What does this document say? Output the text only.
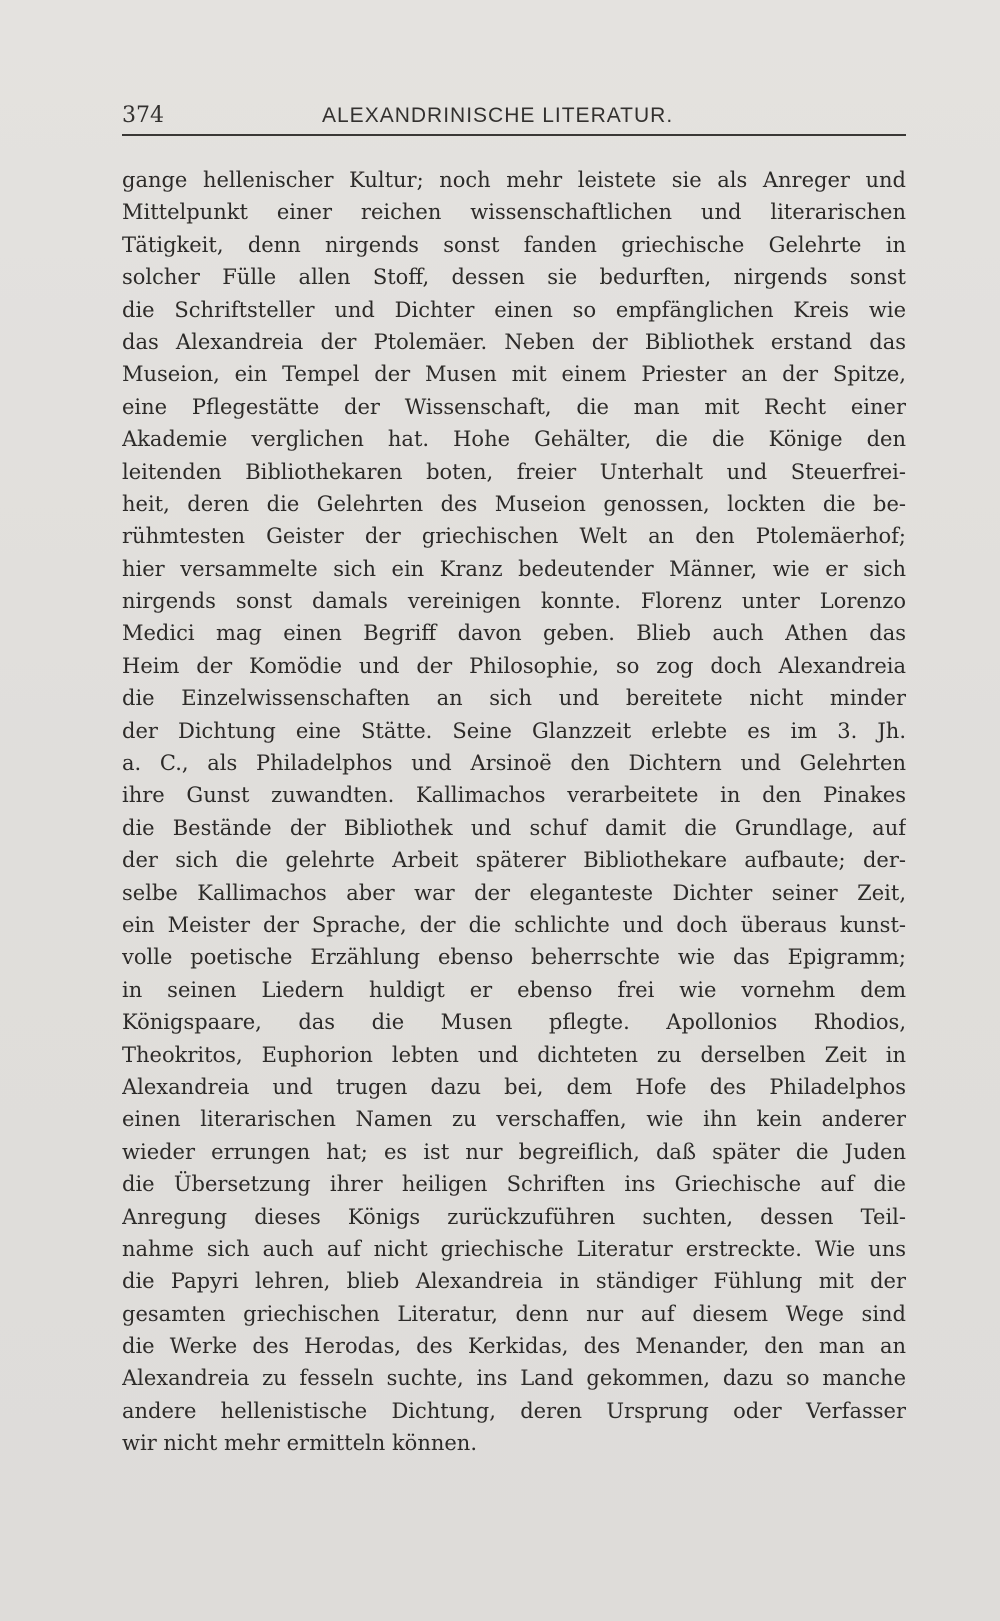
374	ALEXANDRINISCHE LITERATUR.
gange hellenischer Kultur; noch mehr leistete sie als Anreger und
Mittelpunkt einer reichen wissenschaftlichen und literarischen
Tätigkeit, denn nirgends sonst fanden griechische Gelehrte in
solcher Fülle allen Stoff, dessen sie bedurften, nirgends sonst
die Schriftsteller und Dichter einen so empfänglichen Kreis wie
das Alexandreia der Ptolemäer. Neben der Bibliothek erstand das
Museion, ein Tempel der Musen mit einem Priester an der Spitze,
eine Pflegestätte der Wissenschaft, die man mit Recht einer
Akademie verglichen hat. Hohe Gehälter, die die Könige den
leitenden Bibliothekaren boten, freier Unterhalt und Steuerfrei-
heit, deren die Gelehrten des Museion genossen, lockten die be-
rühmtesten Geister der griechischen Welt an den Ptolemäerhof;
hier versammelte sich ein Kranz bedeutender Männer, wie er sich
nirgends sonst damals vereinigen konnte. Florenz unter Lorenzo
Medici mag einen Begriff davon geben. Blieb auch Athen das
Heim der Komödie und der Philosophie, so zog doch Alexandreia
die Einzelwissenschaften an sich und bereitete nicht minder
der Dichtung eine Stätte. Seine Glanzzeit erlebte es im 3. Jh.
a. C., als Philadelphos und Arsinoë den Dichtern und Gelehrten
ihre Gunst zuwandten. Kallimachos verarbeitete in den Pinakes
die Bestände der Bibliothek und schuf damit die Grundlage, auf
der sich die gelehrte Arbeit späterer Bibliothekare aufbaute; der-
selbe Kallimachos aber war der eleganteste Dichter seiner Zeit,
ein Meister der Sprache, der die schlichte und doch überaus kunst-
volle poetische Erzählung ebenso beherrschte wie das Epigramm;
in seinen Liedern huldigt er ebenso frei wie vornehm dem
Königspaare, das die Musen pflegte. Apollonios Rhodios,
Theokritos, Euphorion lebten und dichteten zu derselben Zeit in
Alexandreia und trugen dazu bei, dem Hofe des Philadelphos
einen literarischen Namen zu verschaffen, wie ihn kein anderer
wieder errungen hat; es ist nur begreiflich, daß später die Juden
die Übersetzung ihrer heiligen Schriften ins Griechische auf die
Anregung dieses Königs zurückzuführen suchten, dessen Teil-
nahme sich auch auf nicht griechische Literatur erstreckte. Wie uns
die Papyri lehren, blieb Alexandreia in ständiger Fühlung mit der
gesamten griechischen Literatur, denn nur auf diesem Wege sind
die Werke des Herodas, des Kerkidas, des Menander, den man an
Alexandreia zu fesseln suchte, ins Land gekommen, dazu so manche
andere hellenistische Dichtung, deren Ursprung oder Verfasser
wir nicht mehr ermitteln können.
